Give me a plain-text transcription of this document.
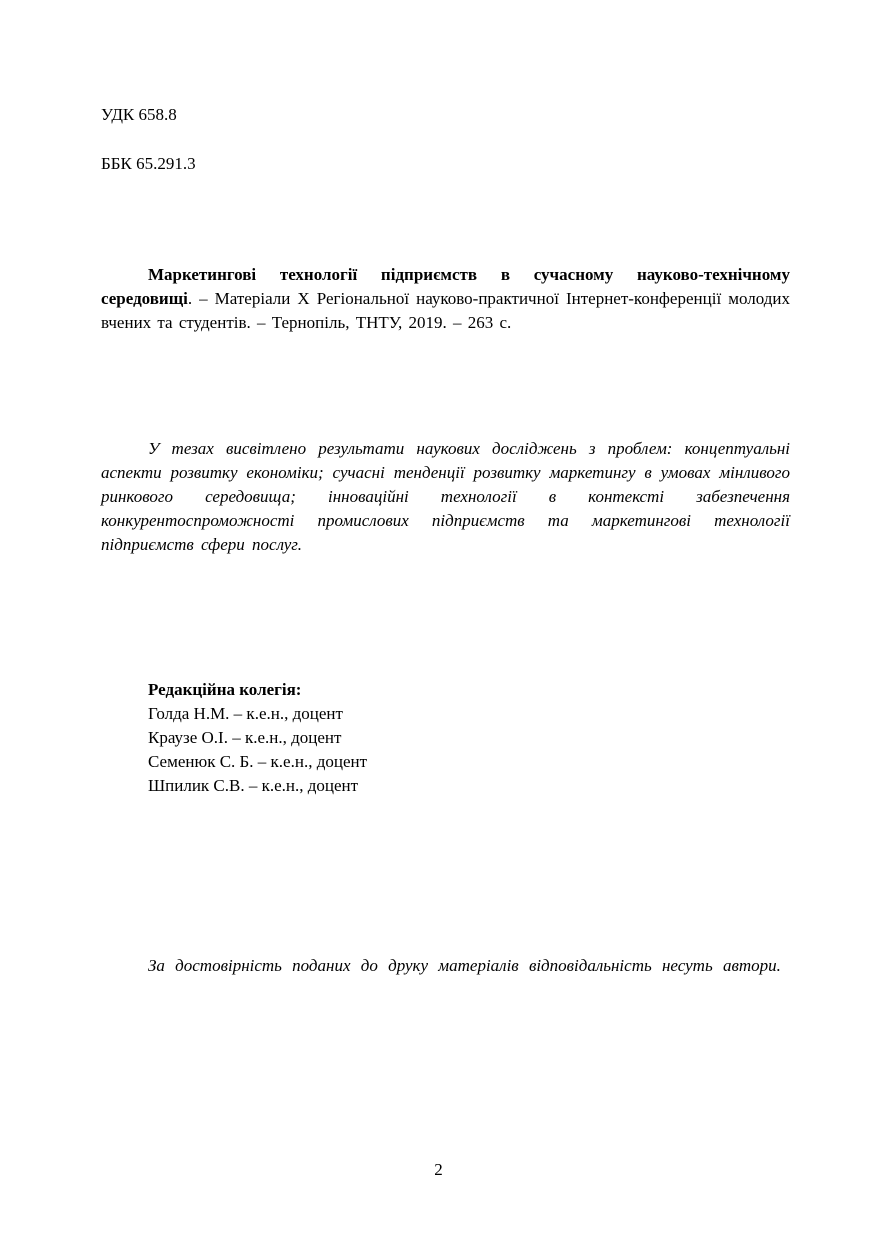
УДК 658.8
ББК 65.291.3

Маркетингові технології підприємств в сучасному науково-технічному середовищі. – Матеріали X Регіональної науково-практичної Інтернет-конференції молодих вчених та студентів. – Тернопіль, ТНТУ, 2019. – 263 с.

У тезах висвітлено результати наукових досліджень з проблем: концептуальні аспекти розвитку економіки; сучасні тенденції розвитку маркетингу в умовах мінливого ринкового середовища; інноваційні технології в контексті забезпечення конкурентоспроможності промислових підприємств та маркетингові технології підприємств сфери послуг.

Редакційна колегія:
Голда Н.М. – к.е.н., доцент
Краузе О.І. – к.е.н., доцент
Семенюк С. Б. – к.е.н., доцент
Шпилик С.В. – к.е.н., доцент

За достовірність поданих до друку матеріалів відповідальність несуть автори.

2
